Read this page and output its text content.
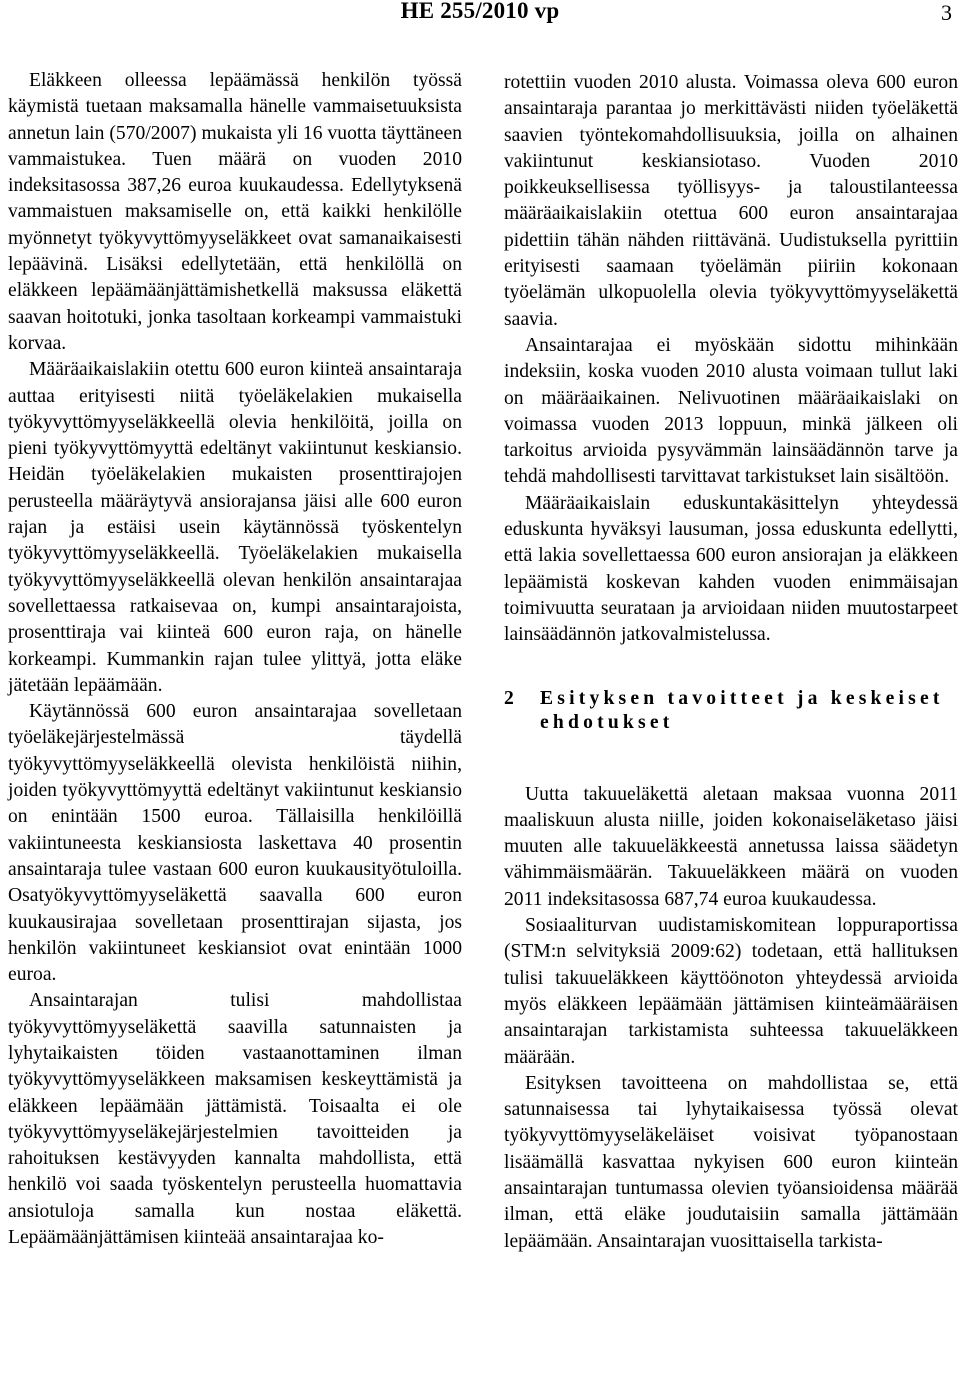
HE 255/2010 vp	3

Eläkkeen olleessa lepäämässä henkilön työssä käymistä tuetaan maksamalla hänelle vammaisetuuksista annetun lain (570/2007) mukaista yli 16 vuotta täyttäneen vammaistukea. Tuen määrä on vuoden 2010 indeksitasossa 387,26 euroa kuukaudessa. Edellytyksenä vammaistuen maksamiselle on, että kaikki henkilölle myönnetyt työkyvyttömyyseläkkeet ovat samanaikaisesti lepäävinä. Lisäksi edellytetään, että henkilöllä on eläkkeen lepäämäänjättämishetkellä maksussa eläkettä saavan hoitotuki, jonka tasoltaan korkeampi vammaistuki korvaa.

Määräaikaislakiin otettu 600 euron kiinteä ansaintaraja auttaa erityisesti niitä työeläkelakien mukaisella työkyvyttömyyseläkkeellä olevia henkilöitä, joilla on pieni työkyvyttömyyttä edeltänyt vakiintunut keskiansio. Heidän työeläkelakien mukaisten prosenttirajojen perusteella määräytyvä ansiorajansa jäisi alle 600 euron rajan ja estäisi usein käytännössä työskentelyn työkyvyttömyyseläkkeellä. Työeläkelakien mukaisella työkyvyttömyyseläkkeellä olevan henkilön ansaintarajaa sovellettaessa ratkaisevaa on, kumpi ansaintarajoista, prosenttiraja vai kiinteä 600 euron raja, on hänelle korkeampi. Kummankin rajan tulee ylittyä, jotta eläke jätetään lepäämään.

Käytännössä 600 euron ansaintarajaa sovelletaan työeläkejärjestelmässä täydellä työkyvyttömyyseläkkeellä olevista henkilöistä niihin, joiden työkyvyttömyyttä edeltänyt vakiintunut keskiansio on enintään 1500 euroa. Tällaisilla henkilöillä vakiintuneesta keskiansiosta laskettava 40 prosentin ansaintaraja tulee vastaan 600 euron kuukausityötuloilla. Osatyökyvyttömyyseläkettä saavalla 600 euron kuukausirajaa sovelletaan prosenttirajan sijasta, jos henkilön vakiintuneet keskiansiot ovat enintään 1000 euroa.

Ansaintarajan tulisi mahdollistaa työkyvyttömyyseläkettä saavilla satunnaisten ja lyhytaikaisten töiden vastaanottaminen ilman työkyvyttömyyseläkkeen maksamisen keskeyttämistä ja eläkkeen lepäämään jättämistä. Toisaalta ei ole työkyvyttömyyseläkejärjestelmien tavoitteiden ja rahoituksen kestävyyden kannalta mahdollista, että henkilö voi saada työskentelyn perusteella huomattavia ansiotuloja samalla kun nostaa eläkettä. Lepäämäänjättämisen kiinteää ansaintarajaa ko-

rotettiin vuoden 2010 alusta. Voimassa oleva 600 euron ansaintaraja parantaa jo merkittävästi niiden työeläkettä saavien työntekomahdollisuuksia, joilla on alhainen vakiintunut keskiansiotaso. Vuoden 2010 poikkeuksellisessa työllisyys- ja taloustilanteessa määräaikaislakiin otettua 600 euron ansaintarajaa pidettiin tähän nähden riittävänä. Uudistuksella pyrittiin erityisesti saamaan työelämän piiriin kokonaan työelämän ulkopuolella olevia työkyvyttömyyseläkettä saavia.

Ansaintarajaa ei myöskään sidottu mihinkään indeksiin, koska vuoden 2010 alusta voimaan tullut laki on määräaikainen. Nelivuotinen määräaikaislaki on voimassa vuoden 2013 loppuun, minkä jälkeen oli tarkoitus arvioida pysyvämmän lainsäädännön tarve ja tehdä mahdollisesti tarvittavat tarkistukset lain sisältöön.

Määräaikaislain eduskuntakäsittelyn yhteydessä eduskunta hyväksyi lausuman, jossa eduskunta edellytti, että lakia sovellettaessa 600 euron ansiorajan ja eläkkeen lepäämistä koskevan kahden vuoden enimmäisajan toimivuutta seurataan ja arvioidaan niiden muutostarpeet lainsäädännön jatkovalmistelussa.

2	Esityksen tavoitteet ja keskeiset ehdotukset

Uutta takuueläkettä aletaan maksaa vuonna 2011 maaliskuun alusta niille, joiden kokonaiseläketaso jäisi muuten alle takuueläkkeestä annetussa laissa säädetyn vähimmäismäärän. Takuueläkkeen määrä on vuoden 2011 indeksitasossa 687,74 euroa kuukaudessa.

Sosiaaliturvan uudistamiskomitean loppuraportissa (STM:n selvityksiä 2009:62) todetaan, että hallituksen tulisi takuueläkkeen käyttöönoton yhteydessä arvioida myös eläkkeen lepäämään jättämisen kiinteämääräisen ansaintarajan tarkistamista suhteessa takuueläkkeen määrään.

Esityksen tavoitteena on mahdollistaa se, että satunnaisessa tai lyhytaikaisessa työssä olevat työkyvyttömyyseläkeläiset voisivat työpanostaan lisäämällä kasvattaa nykyisen 600 euron kiinteän ansaintarajan tuntumassa olevien työansioidensa määrää ilman, että eläke joudutaisiin samalla jättämään lepäämään. Ansaintarajan vuosittaisella tarkista-
